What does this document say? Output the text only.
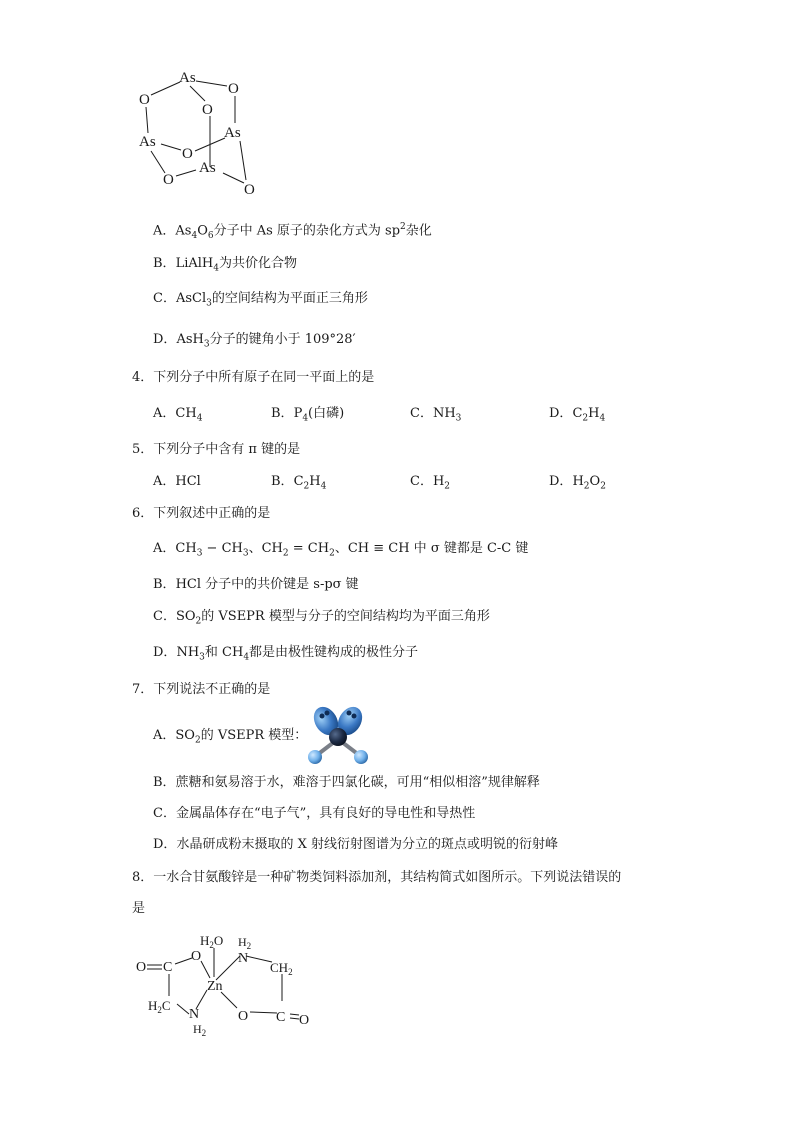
As
As
As
As
O
O
O
O
O
O
A．$As_4O_6$分子中 As 原子的杂化方式为 $sp^2$杂化
B．LiAlH$_4$为共价化合物
C．AsCl$_3$的空间结构为平面正三角形
D．AsH$_3$分子的键角小于 109°28′
4．下列分子中所有原子在同一平面上的是
A．$CH_4$	B．$P_4$(白磷)	C．$NH_3$	D．$C_2H_4$
5．下列分子中含有 π 键的是
A．HCl	B．$C_2H_4$	C．$H_2$	D．$H_2O_2$
6．下列叙述中正确的是
A．$CH_3 - CH_3$、$CH_2 = CH_2$、CH ≡ CH 中 σ 键都是 C-C 键
B．HCl 分子中的共价键是 s-pσ 键
C．$SO_2$的 VSEPR 模型与分子的空间结构均为平面三角形
D．$NH_3$和 $CH_4$都是由极性键构成的极性分子
7．下列说法不正确的是
A．$SO_2$的 VSEPR 模型：
B．蔗糖和氨易溶于水，难溶于四氯化碳，可用“相似相溶”规律解释
C．金属晶体存在“电子气”，具有良好的导电性和导热性
D．水晶研成粉末摄取的 X 射线衍射图谱为分立的斑点或明锐的衍射峰
8．一水合甘氨酸锌是一种矿物类饲料添加剂，其结构简式如图所示。下列说法错误的
是
O C
O
$H_2O$ $H_2$
N
$CH_2$
Zn
$H_2C$
N
$H_2$
O C O
